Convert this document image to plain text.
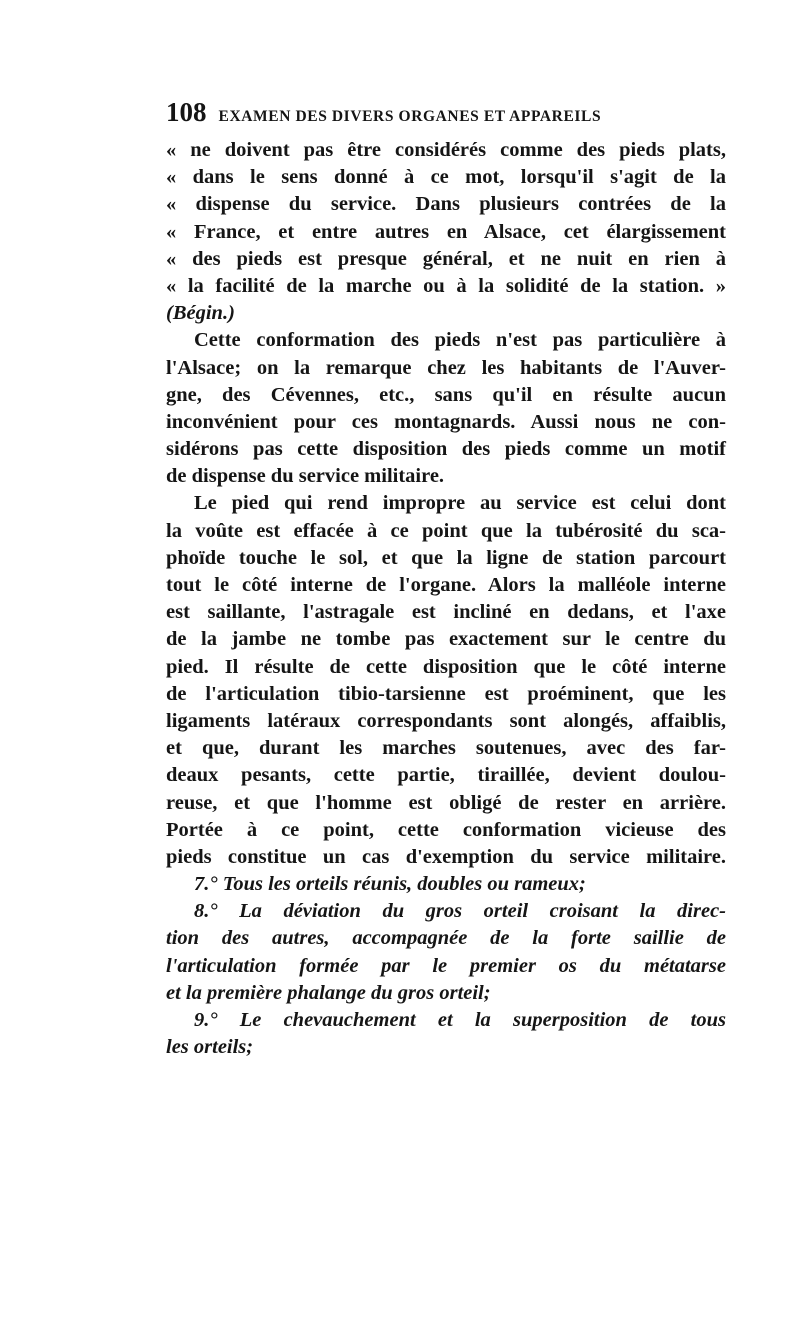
108 EXAMEN DES DIVERS ORGANES ET APPAREILS
« ne doivent pas être considérés comme des pieds plats,
« dans le sens donné à ce mot, lorsqu'il s'agit de la
« dispense du service. Dans plusieurs contrées de la
« France, et entre autres en Alsace, cet élargissement
« des pieds est presque général, et ne nuit en rien à
« la facilité de la marche ou à la solidité de la station. »
(Bégin.)
Cette conformation des pieds n'est pas particulière à
l'Alsace; on la remarque chez les habitants de l'Auver-
gne, des Cévennes, etc., sans qu'il en résulte aucun
inconvénient pour ces montagnards. Aussi nous ne con-
sidérons pas cette disposition des pieds comme un motif
de dispense du service militaire.
Le pied qui rend impropre au service est celui dont
la voûte est effacée à ce point que la tubérosité du sca-
phoïde touche le sol, et que la ligne de station parcourt
tout le côté interne de l'organe. Alors la malléole interne
est saillante, l'astragale est incliné en dedans, et l'axe
de la jambe ne tombe pas exactement sur le centre du
pied. Il résulte de cette disposition que le côté interne
de l'articulation tibio-tarsienne est proéminent, que les
ligaments latéraux correspondants sont alongés, affaiblis,
et que, durant les marches soutenues, avec des far-
deaux pesants, cette partie, tiraillée, devient doulou-
reuse, et que l'homme est obligé de rester en arrière.
Portée à ce point, cette conformation vicieuse des
pieds constitue un cas d'exemption du service militaire.
7.° Tous les orteils réunis, doubles ou rameux;
8.° La déviation du gros orteil croisant la direc-
tion des autres, accompagnée de la forte saillie de
l'articulation formée par le premier os du métatarse
et la première phalange du gros orteil;
9.° Le chevauchement et la superposition de tous
les orteils;
